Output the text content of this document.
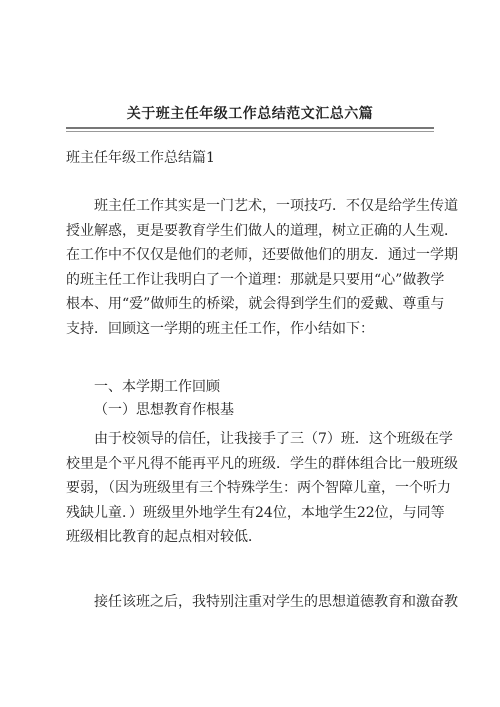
关于班主任年级工作总结范文汇总六篇
班主任年级工作总结篇1
班主任工作其实是一门艺术，一项技巧．不仅是给学生传道
授业解惑，更是要教育学生们做人的道理，树立正确的人生观．
在工作中不仅仅是他们的老师，还要做他们的朋友．通过一学期
的班主任工作让我明白了一个道理：那就是只要用“心”做教学
根本、用“爱”做师生的桥梁，就会得到学生们的爱戴、尊重与
支持．回顾这一学期的班主任工作，作小结如下：
一、本学期工作回顾
（一）思想教育作根基
由于校领导的信任，让我接手了三（7）班．这个班级在学
校里是个平凡得不能再平凡的班级．学生的群体组合比一般班级
要弱，（因为班级里有三个特殊学生：两个智障儿童，一个听力
残缺儿童．）班级里外地学生有24位，本地学生22位，与同等
班级相比教育的起点相对较低．
接任该班之后，我特别注重对学生的思想道德教育和激奋教
